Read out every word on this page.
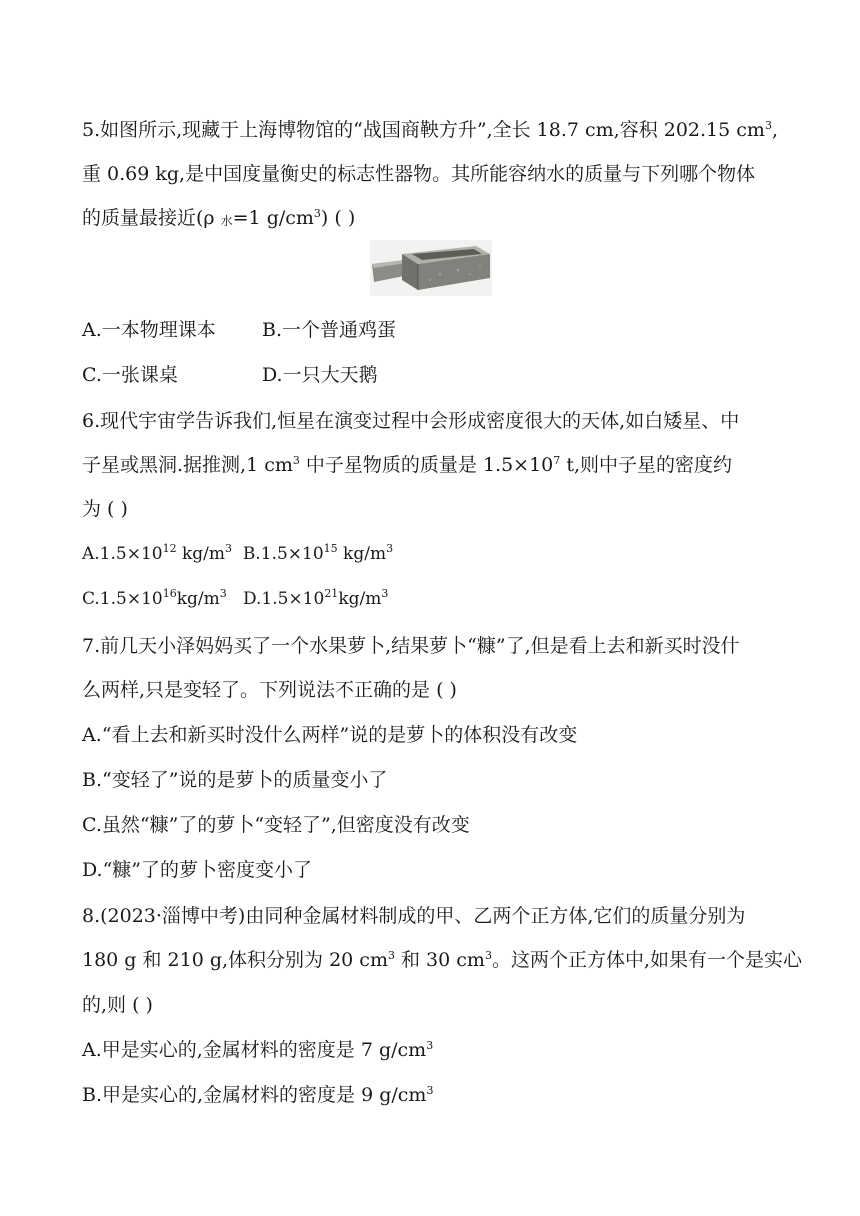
5.如图所示,现藏于上海博物馆的“战国商鞅方升”,全长 18.7 cm,容积 202.15 $cm^3$,
重 0.69 kg,是中国度量衡史的标志性器物。其所能容纳水的质量与下列哪个物体
的质量最接近(ρ $_水$=1 $g/cm^3$) ( )
A.一本物理课本 B.一个普通鸡蛋
C.一张课桌	D.一只大天鹅
6.现代宇宙学告诉我们,恒星在演变过程中会形成密度很大的天体,如白矮星、中
子星或黑洞.据推测,1 $cm^3$ 中子星物质的质量是 $1.5\times 10^7$ t,则中子星的密度约
为 ( )
$A.1.5\times 10^{12}$ $kg/m^3$ $B.1.5\times 10^{15}$ $kg/m^3$
$C.1.5\times 10^{16}kg/m^3$ $D.1.5\times 10^{21}kg/m^3$
7.前几天小泽妈妈买了一个水果萝卜,结果萝卜“糠”了,但是看上去和新买时没什
么两样,只是变轻了。下列说法不正确的是 ( )
A.“看上去和新买时没什么两样”说的是萝卜的体积没有改变
B.“变轻了”说的是萝卜的质量变小了
C.虽然“糠”了的萝卜“变轻了”,但密度没有改变
D.“糠”了的萝卜密度变小了
8.(2023·淄博中考)由同种金属材料制成的甲、乙两个正方体,它们的质量分别为
180 g 和 210 g,体积分别为 20 $cm^3$ 和 30 $cm^3$。这两个正方体中,如果有一个是实心
的,则 ( )
A.甲是实心的,金属材料的密度是 7 $g/cm^3$
B.甲是实心的,金属材料的密度是 9 $g/cm^3$
